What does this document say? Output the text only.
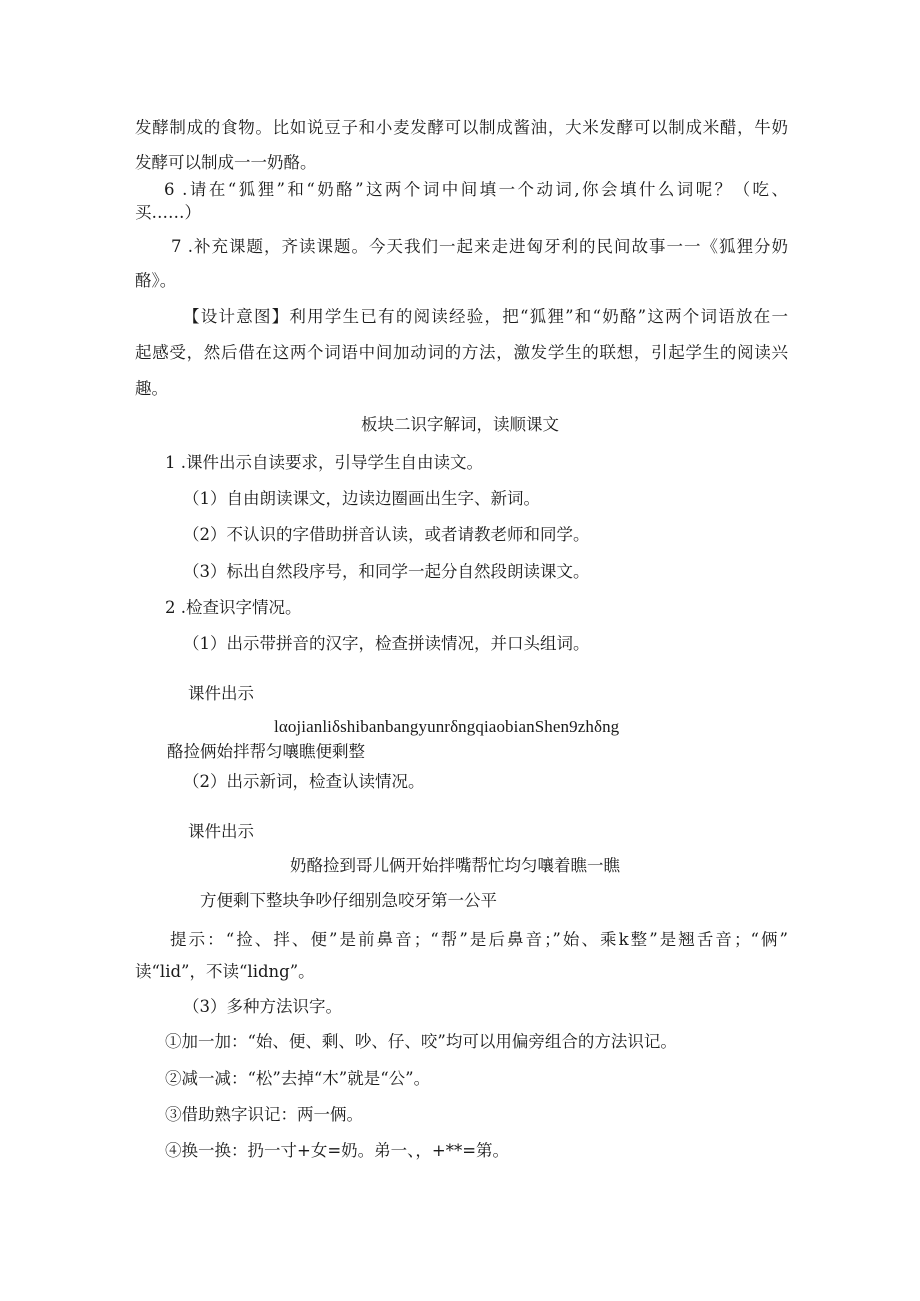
发酵制成的食物。比如说豆子和小麦发酵可以制成酱油，大米发酵可以制成米醋，牛奶
发酵可以制成一一奶酪。
6 .请在“狐狸”和“奶酪”这两个词中间填一个动词,你会填什么词呢？（吃、
买……）
7 .补充课题，齐读课题。今天我们一起来走进匈牙利的民间故事一一《狐狸分奶
酪》。
【设计意图】利用学生已有的阅读经验，把“狐狸”和“奶酪”这两个词语放在一
起感受，然后借在这两个词语中间加动词的方法，激发学生的联想，引起学生的阅读兴
趣。
板块二识字解词，读顺课文
1 .课件出示自读要求，引导学生自由读文。
（1）自由朗读课文，边读边圈画出生字、新词。
（2）不认识的字借助拼音认读，或者请教老师和同学。
（3）标出自然段序号，和同学一起分自然段朗读课文。
2 .检查识字情况。
（1）出示带拼音的汉字，检查拼读情况，并口头组词。
课件出示
lαojianliδshibanbangyunrδngqiaobianShen9zhδng
酪捡俩始拌帮匀嚷瞧便剩整
（2）出示新词，检查认读情况。
课件出示
奶酪捡到哥儿俩开始拌嘴帮忙均匀嚷着瞧一瞧
方便剩下整块争吵仔细别急咬牙第一公平
提示：“捡、拌、便”是前鼻音；“帮”是后鼻音；”始、乘k整”是翘舌音；“俩”
读“lid”，不读“lidng”。
（3）多种方法识字。
①加一加：“始、便、剩、吵、仔、咬”均可以用偏旁组合的方法识记。
②减一减：“松”去掉“木”就是“公”。
③借助熟字识记：两一俩。
④换一换：扔一寸+女=奶。弟一、，+**=第。
